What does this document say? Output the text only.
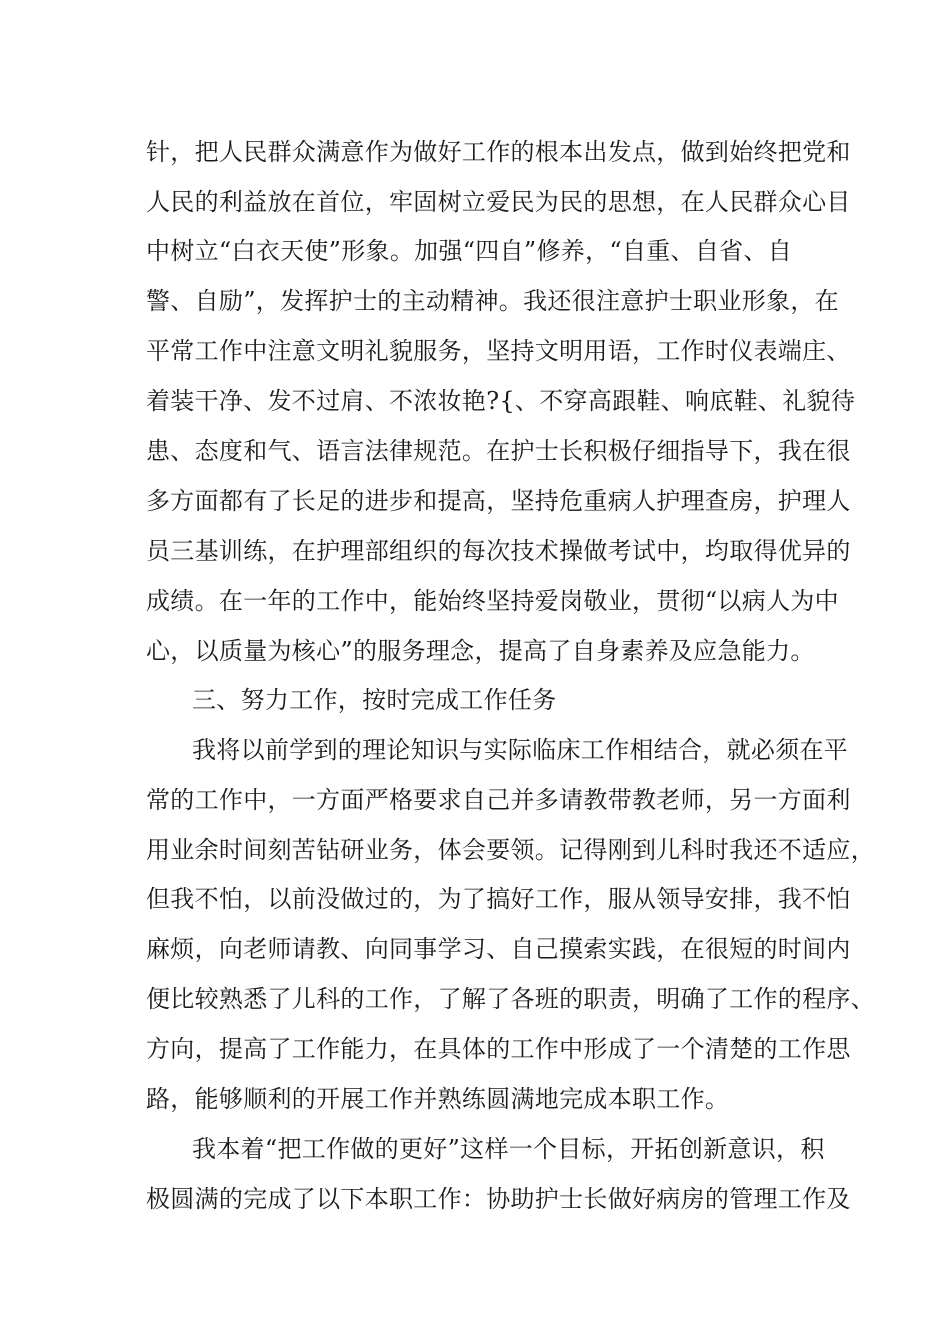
针，把人民群众满意作为做好工作的根本出发点，做到始终把党和
人民的利益放在首位，牢固树立爱民为民的思想，在人民群众心目
中树立“白衣天使”形象。加强“四自”修养，“自重、自省、自
警、自励”，发挥护士的主动精神。我还很注意护士职业形象，在
平常工作中注意文明礼貌服务，坚持文明用语，工作时仪表端庄、
着装干净、发不过肩、不浓妆艳?{、不穿高跟鞋、响底鞋、礼貌待
患、态度和气、语言法律规范。在护士长积极仔细指导下，我在很
多方面都有了长足的进步和提高，坚持危重病人护理查房，护理人
员三基训练，在护理部组织的每次技术操做考试中，均取得优异的
成绩。在一年的工作中，能始终坚持爱岗敬业，贯彻“以病人为中
心，以质量为核心”的服务理念，提高了自身素养及应急能力。
三、努力工作，按时完成工作任务
我将以前学到的理论知识与实际临床工作相结合，就必须在平
常的工作中，一方面严格要求自己并多请教带教老师，另一方面利
用业余时间刻苦钻研业务，体会要领。记得刚到儿科时我还不适应，
但我不怕，以前没做过的，为了搞好工作，服从领导安排，我不怕
麻烦，向老师请教、向同事学习、自己摸索实践，在很短的时间内
便比较熟悉了儿科的工作，了解了各班的职责，明确了工作的程序、
方向，提高了工作能力，在具体的工作中形成了一个清楚的工作思
路，能够顺利的开展工作并熟练圆满地完成本职工作。
我本着“把工作做的更好”这样一个目标，开拓创新意识，积
极圆满的完成了以下本职工作：协助护士长做好病房的管理工作及
